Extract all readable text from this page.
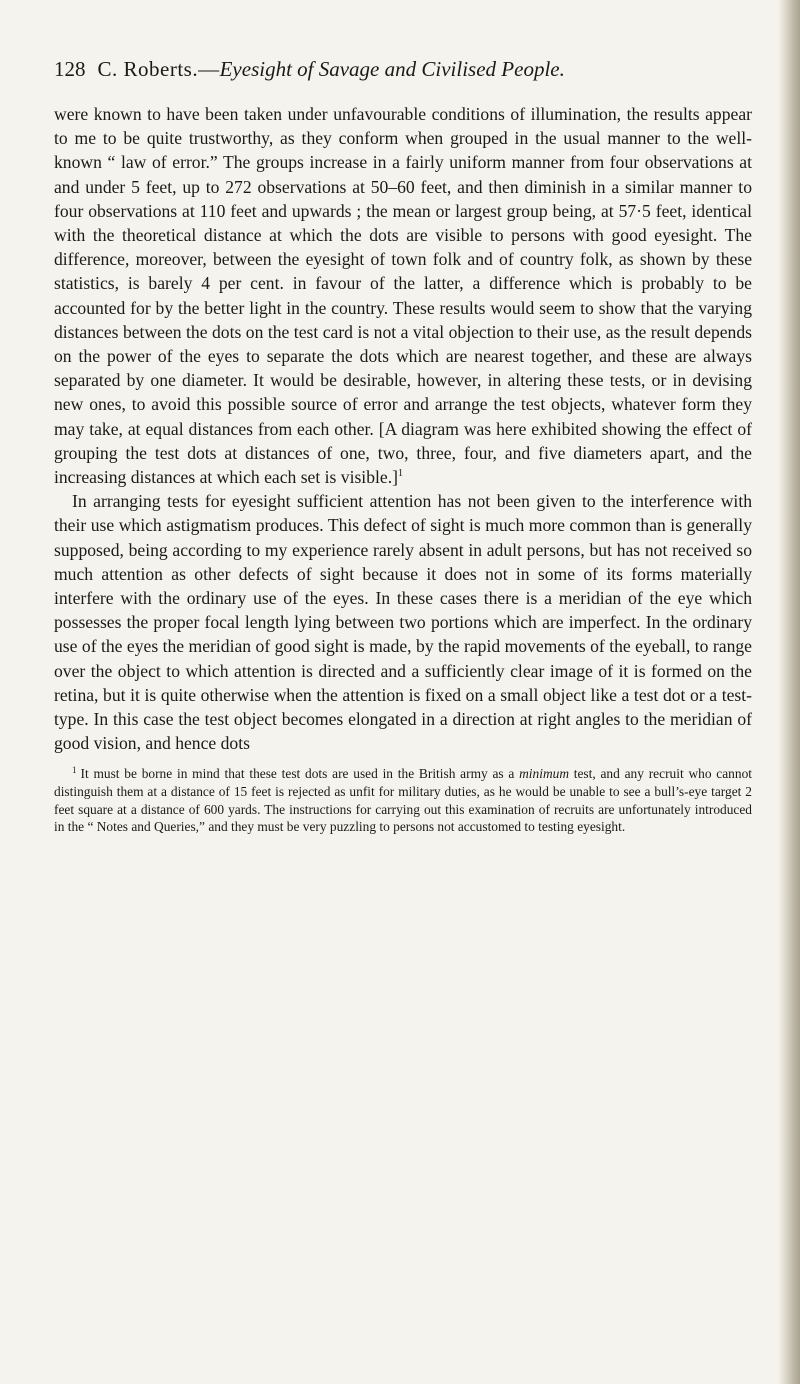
128 C. Roberts.— Eyesight of Savage and Civilised People.

were known to have been taken under unfavourable conditions of illumination, the results appear to me to be quite trustworthy, as they conform when grouped in the usual manner to the well-known “ law of error.” The groups increase in a fairly uniform manner from four observations at and under 5 feet, up to 272 observations at 50–60 feet, and then diminish in a similar manner to four observations at 110 feet and upwards ; the mean or largest group being, at 57·5 feet, identical with the theoretical distance at which the dots are visible to persons with good eyesight. The difference, moreover, between the eyesight of town folk and of country folk, as shown by these statistics, is barely 4 per cent. in favour of the latter, a difference which is probably to be accounted for by the better light in the country. These results would seem to show that the varying distances between the dots on the test card is not a vital objection to their use, as the result depends on the power of the eyes to separate the dots which are nearest together, and these are always separated by one diameter. It would be desirable, however, in altering these tests, or in devising new ones, to avoid this possible source of error and arrange the test objects, whatever form they may take, at equal distances from each other. [A diagram was here exhibited showing the effect of grouping the test dots at distances of one, two, three, four, and five diameters apart, and the increasing distances at which each set is visible.]$^1$

In arranging tests for eyesight sufficient attention has not been given to the interference with their use which astigmatism produces. This defect of sight is much more common than is generally supposed, being according to my experience rarely absent in adult persons, but has not received so much attention as other defects of sight because it does not in some of its forms materially interfere with the ordinary use of the eyes. In these cases there is a meridian of the eye which possesses the proper focal length lying between two portions which are imperfect. In the ordinary use of the eyes the meridian of good sight is made, by the rapid movements of the eyeball, to range over the object to which attention is directed and a sufficiently clear image of it is formed on the retina, but it is quite otherwise when the attention is fixed on a small object like a test dot or a test-type. In this case the test object becomes elongated in a direction at right angles to the meridian of good vision, and hence dots

$^1$ It must be borne in mind that these test dots are used in the British army as a minimum test, and any recruit who cannot distinguish them at a distance of 15 feet is rejected as unfit for military duties, as he would be unable to see a bull’s-eye target 2 feet square at a distance of 600 yards. The instructions for carrying out this examination of recruits are unfortunately introduced in the “ Notes and Queries,” and they must be very puzzling to persons not accustomed to testing eyesight.
